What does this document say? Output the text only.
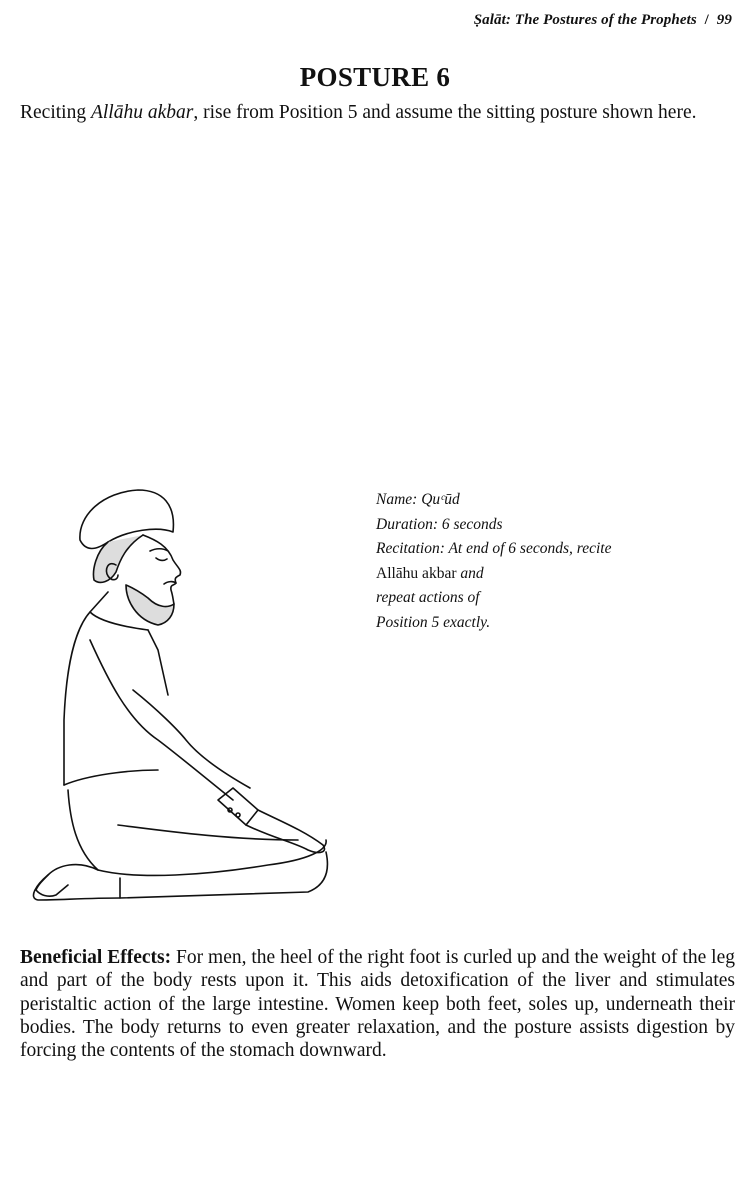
Ṣalāt: The Postures of the Prophets / 99
POSTURE 6

Reciting Allāhu akbar, rise from Position 5 and assume the sitting posture shown here.

Name: Quᶜūd
Duration: 6 seconds
Recitation: At end of 6 seconds, recite
Allāhu akbar and
repeat actions of
Position 5 exactly.

Beneficial Effects: For men, the heel of the right foot is curled up and the weight of the leg and part of the body rests upon it. This aids detoxification of the liver and stimulates peristaltic action of the large intestine. Women keep both feet, soles up, underneath their bodies. The body returns to even greater relaxation, and the posture assists digestion by forcing the contents of the stomach downward.
